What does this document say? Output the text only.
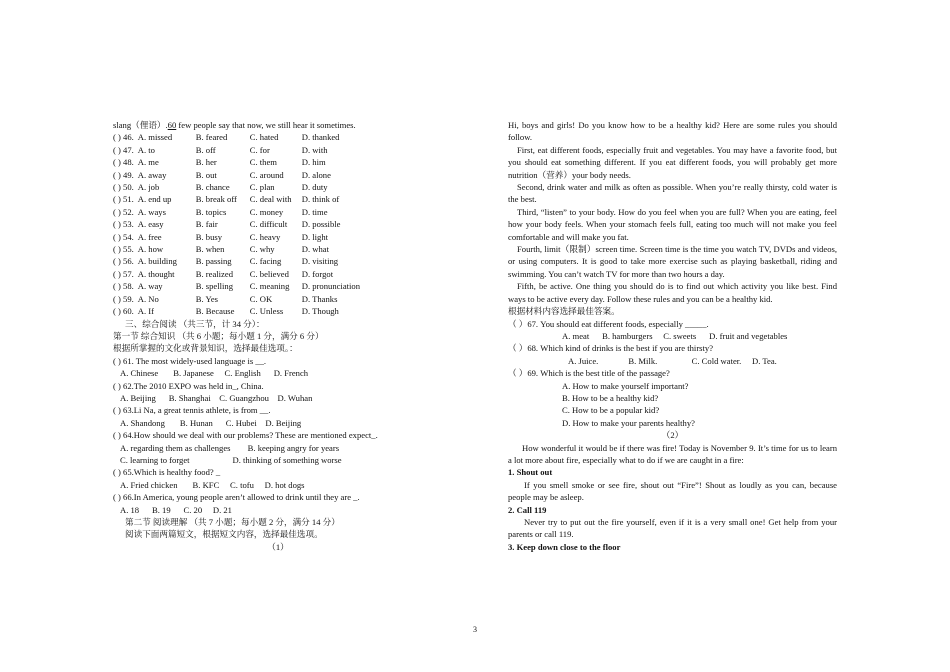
slang（俚语）.60 few people say that now, we still hear it sometimes.
( ) 46. A. missed	B. feared	C. hated	D. thanked
( ) 47. A. to	B. off	C. for	D. with
( ) 48. A. me	B. her	C. them	D. him
( ) 49. A. away	B. out	C. around D. alone
( ) 50. A. job	B. chance C. plan	D. duty
( ) 51. A. end up	B. break off C. deal with D. think of
( ) 52. A. ways	B. topics	C. money D. time
( ) 53. A. easy	B. fair	C. difficult D. possible
( ) 54. A. free	B. busy	C. heavy D. light
( ) 55. A. how	B. when	C. why	D. what
( ) 56. A. building B. passing C. facing D. visiting
( ) 57. A. thought B. realized C. believed D. forgot
( ) 58. A. way	B. spelling C. meaning D. pronunciation
( ) 59. A. No	B. Yes	C. OK	D. Thanks
( ) 60. A. If	B. Because C. Unless D. Though
三、综合阅读 （共三节，计 34 分）：
第一节 综合知识 （共 6 小题；每小题 1 分，满分 6 分）
根据所掌握的文化或背景知识，选择最佳选项。：
( ) 61. The most widely-used language is __.
A. Chinese       B. Japanese     C. English      D. French
( ) 62.The 2010 EXPO was held in_, China.
A. Beijing      B. Shanghai    C. Guangzhou    D. Wuhan
( ) 63.Li Na, a great tennis athlete, is from __.
A. Shandong       B. Hunan      C. Hubei    D. Beijing
( ) 64.How should we deal with our problems? These are mentioned expect_.
A. regarding them as challenges        B. keeping angry for years
C. learning to forget                    D. thinking of something worse
( ) 65.Which is healthy food? _
A. Fried chicken       B. KFC     C. tofu     D. hot dogs
( ) 66.In America, young people aren’t allowed to drink until they are _.
A. 18      B. 19      C. 20     D. 21
第二节 阅读理解 （共 7 小题；每小题 2 分，满分 14 分）
阅读下面两篇短文，根据短文内容，选择最佳选项。
（1）
Hi, boys and girls! Do you know how to be a healthy kid? Here are some rules you should follow.
First, eat different foods, especially fruit and vegetables. You may have a favorite food, but you should eat something different. If you eat different foods, you will probably get more nutrition（营养）your body needs.
Second, drink water and milk as often as possible. When you’re really thirsty, cold water is the best.
Third, “listen” to your body. How do you feel when you are full? When you are eating, feel how your body feels. When your stomach feels full, eating too much will not make you feel comfortable and will make you fat.
Fourth, limit（限制）screen time. Screen time is the time you watch TV, DVDs and videos, or using computers. It is good to take more exercise such as playing basketball, riding and swimming. You can’t watch TV for more than two hours a day.
Fifth, be active. One thing you should do is to find out which activity you like best. Find ways to be active every day. Follow these rules and you can be a healthy kid.
根据材料内容选择最佳答案。
（ ）67. You should eat different foods, especially _____.
A. meat      B. hamburgers     C. sweets      D. fruit and vegetables
（ ）68. Which kind of drinks is the best if you are thirsty?
A. Juice.              B. Milk.                C. Cold water.     D. Tea.
（ ）69. Which is the best title of the passage?
A. How to make yourself important?
B. How to be a healthy kid?
C. How to be a popular kid?
D. How to make your parents healthy?
（2）
How wonderful it would be if there was fire! Today is November 9. It’s time for us to learn a lot more about fire, especially what to do if we are caught in a fire:
1. Shout out
If you smell smoke or see fire, shout out “Fire”! Shout as loudly as you can, because people may be asleep.
2. Call 119
Never try to put out the fire yourself, even if it is a very small one! Get help from your parents or call 119.
3. Keep down close to the floor
3
